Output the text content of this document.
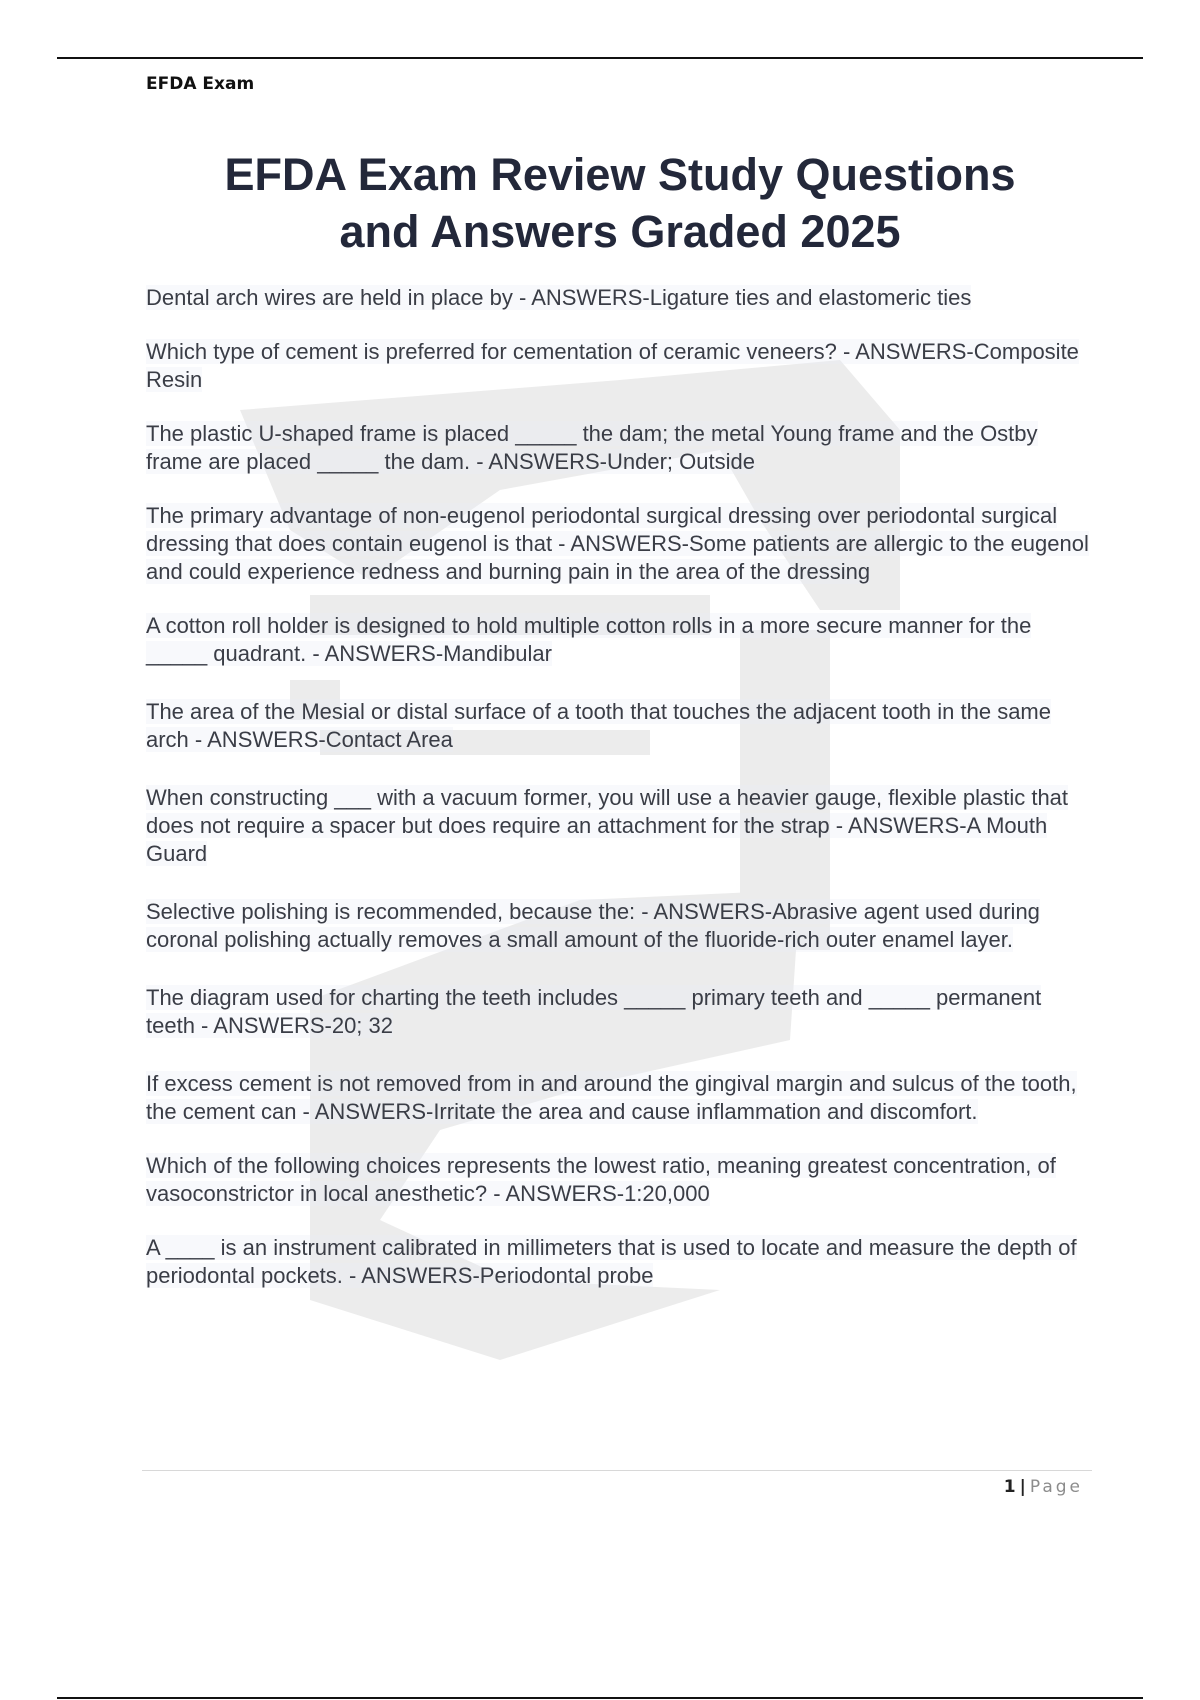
EFDA Exam
EFDA Exam Review Study Questions
and Answers Graded 2025

Dental arch wires are held in place by - ANSWERS-Ligature ties and elastomeric ties

Which type of cement is preferred for cementation of ceramic veneers? - ANSWERS-Composite Resin

The plastic U-shaped frame is placed _____ the dam; the metal Young frame and the Ostby frame are placed _____ the dam. - ANSWERS-Under; Outside

The primary advantage of non-eugenol periodontal surgical dressing over periodontal surgical dressing that does contain eugenol is that - ANSWERS-Some patients are allergic to the eugenol and could experience redness and burning pain in the area of the dressing

A cotton roll holder is designed to hold multiple cotton rolls in a more secure manner for the _____ quadrant. - ANSWERS-Mandibular

The area of the Mesial or distal surface of a tooth that touches the adjacent tooth in the same arch - ANSWERS-Contact Area

When constructing ___ with a vacuum former, you will use a heavier gauge, flexible plastic that does not require a spacer but does require an attachment for the strap - ANSWERS-A Mouth Guard

Selective polishing is recommended, because the: - ANSWERS-Abrasive agent used during coronal polishing actually removes a small amount of the fluoride-rich outer enamel layer.

The diagram used for charting the teeth includes _____ primary teeth and _____ permanent teeth - ANSWERS-20; 32

If excess cement is not removed from in and around the gingival margin and sulcus of the tooth, the cement can - ANSWERS-Irritate the area and cause inflammation and discomfort.

Which of the following choices represents the lowest ratio, meaning greatest concentration, of vasoconstrictor in local anesthetic? - ANSWERS-1:20,000

A ____ is an instrument calibrated in millimeters that is used to locate and measure the depth of periodontal pockets. - ANSWERS-Periodontal probe

1 | Page
